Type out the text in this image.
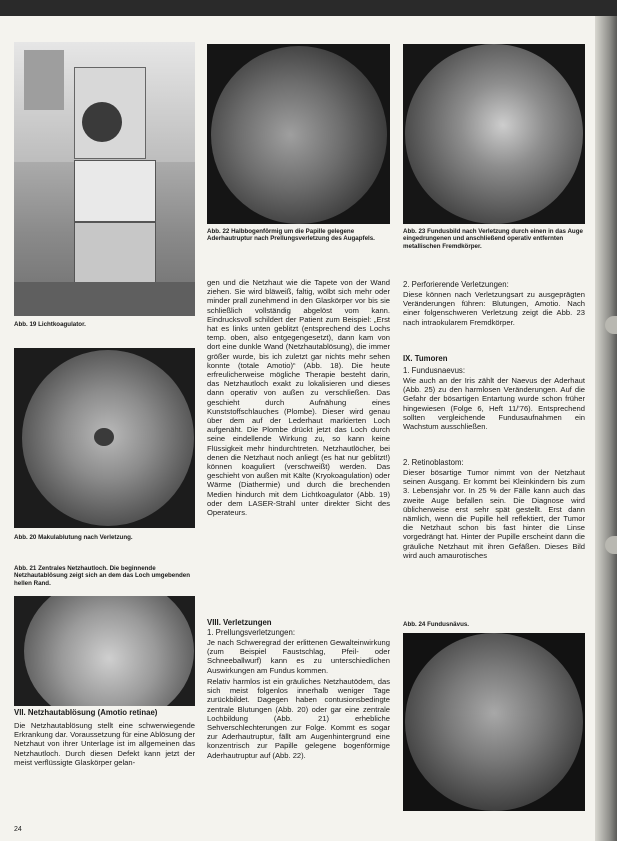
Abb. 19 Lichtkoagulator.
Abb. 20 Makulablutung nach Verletzung.
Abb. 21 Zentrales Netzhautloch. Die beginnende Netzhautablösung zeigt sich an dem das Loch umgebenden hellen Rand.
VII. Netzhautablösung (Amotio retinae)
Die Netzhautablösung stellt eine schwerwiegende Erkrankung dar. Voraussetzung für eine Ablösung der Netzhaut von ihrer Unterlage ist im allgemeinen das Netzhautloch. Durch diesen Defekt kann jetzt der meist verflüssigte Glaskörper gelan-
Abb. 22 Halbbogenförmig um die Papille gelegene Aderhautruptur nach Prellungsverletzung des Augapfels.
gen und die Netzhaut wie die Tapete von der Wand ziehen. Sie wird bläweiß, faltig, wölbt sich mehr oder minder prall zunehmend in den Glaskörper vor bis sie schließlich vollständig abgelöst vom kann. Eindrucksvoll schildert der Patient zum Beispiel: „Erst hat es links unten geblitzt (entsprechend des Lochs temp. oben, also entgegengesetzt), dann kam von dort eine dunkle Wand (Netzhautablösung), die immer größer wurde, bis ich zuletzt gar nichts mehr sehen konnte (totale Amotio)“ (Abb. 18). Die heute erfreulicherweise mögliche Therapie besteht darin, das Netzhautloch exakt zu lokalisieren und dieses dann operativ von außen zu verschließen. Das geschieht durch Aufnähung eines Kunststoffschlauches (Plombe). Dieser wird genau über dem auf der Lederhaut markierten Loch aufgenäht. Die Plombe drückt jetzt das Loch durch seine eindellende Wirkung zu, so kann keine Flüssigkeit mehr hindurchtreten. Netzhautlöcher, bei denen die Netzhaut noch anliegt (es hat nur geblitzt!) können koaguliert (verschweißt) werden. Das geschieht von außen mit Kälte (Kryokoagulation) oder Wärme (Diathermie) und durch die brechenden Medien hindurch mit dem Lichtkoagulator (Abb. 19) oder dem LASER-Strahl unter direkter Sicht des Operateurs.
VIII. Verletzungen
1. Prellungsverletzungen:
Je nach Schweregrad der erlittenen Gewalteinwirkung (zum Beispiel Faustschlag, Pfeil- oder Schneeballwurf) kann es zu unterschiedlichen Auswirkungen am Fundus kommen.
Relativ harmlos ist ein gräuliches Netzhautödem, das sich meist folgenlos innerhalb weniger Tage zurückbildet. Dagegen haben contusionsbedingte zentrale Blutungen (Abb. 20) oder gar eine zentrale Lochbildung (Abb. 21) erhebliche Sehverschlechterungen zur Folge. Kommt es sogar zur Aderhautruptur, fällt am Augenhintergrund eine konzentrisch zur Papille gelegene bogenförmige Aderhautruptur auf (Abb. 22).
Abb. 23 Fundusbild nach Verletzung durch einen in das Auge eingedrungenen und anschließend operativ entfernten metallischen Fremdkörper.
2. Perforierende Verletzungen:
Diese können nach Verletzungsart zu ausgeprägten Veränderungen führen: Blutungen, Amotio. Nach einer folgenschweren Verletzung zeigt die Abb. 23 nach intraokularem Fremdkörper.
IX. Tumoren
1. Fundusnaevus:
Wie auch an der Iris zählt der Naevus der Aderhaut (Abb. 25) zu den harmlosen Veränderungen. Auf die Gefahr der bösartigen Entartung wurde schon früher hingewiesen (Folge 6, Heft 11/'76). Entsprechend sollten vergleichende Fundusaufnahmen ein Wachstum ausschließen.
2. Retinoblastom:
Dieser bösartige Tumor nimmt von der Netzhaut seinen Ausgang. Er kommt bei Kleinkindern bis zum 3. Lebensjahr vor. In 25 % der Fälle kann auch das zweite Auge befallen sein. Die Diagnose wird üblicherweise erst sehr spät gestellt. Erst dann nämlich, wenn die Pupille hell reflektiert, der Tumor die Netzhaut schon bis fast hinter die Linse vorgedrängt hat. Hinter der Pupille erscheint dann die gräuliche Netzhaut mit ihren Gefäßen. Dieses Bild wird auch amaurotisches
Abb. 24 Fundusnävus.
24
